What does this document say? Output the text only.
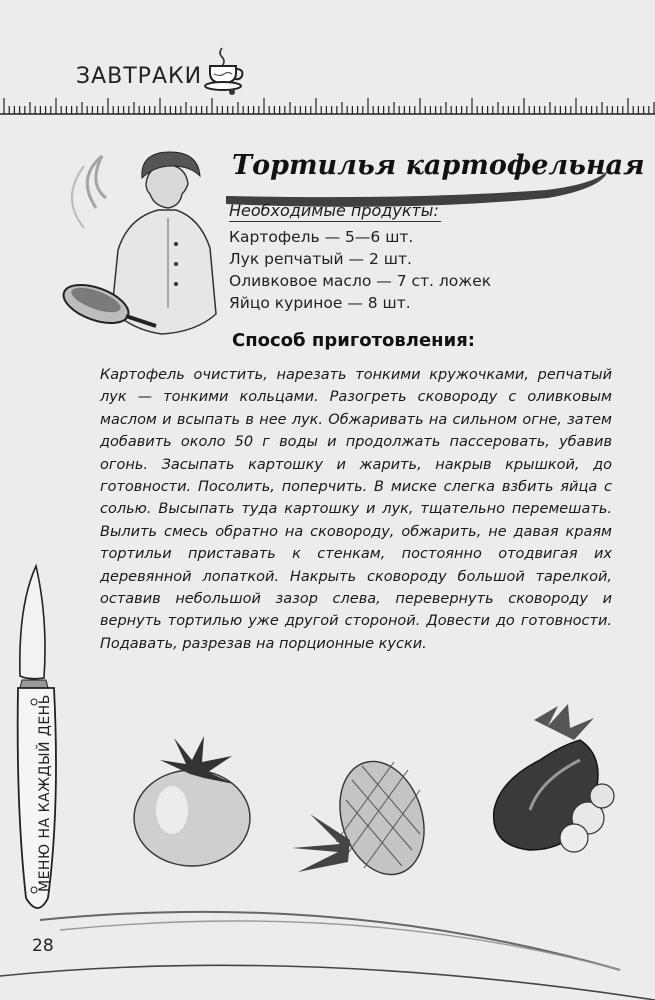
ЗАВТРАКИ
Тортилья картофельная
Необходимые продукты:
Картофель — 5—6 шт.
Лук репчатый — 2 шт.
Оливковое масло — 7 ст. ложек
Яйцо куриное — 8 шт.
Способ приготовления:

Картофель очистить, нарезать тонкими кружочками, репчатый лук — тонкими кольцами. Разогреть сковороду с оливковым маслом и всыпать в нее лук. Обжаривать на сильном огне, затем добавить около 50 г воды и продолжать пассеровать, убавив огонь. Засыпать картошку и жарить, накрыв крышкой, до готовности. Посолить, поперчить. В миске слегка взбить яйца с солью. Высыпать туда картошку и лук, тщательно перемешать. Вылить смесь обратно на сковороду, обжарить, не давая краям тортильи приставать к стенкам, постоянно отодвигая их деревянной лопаткой. Накрыть сковороду большой тарелкой, оставив небольшой зазор слева, перевернуть сковороду и вернуть тортилью уже другой стороной. Довести до готовности. Подавать, разрезав на порционные куски.

МЕНЮ НА КАЖДЫЙ ДЕНЬ
28
